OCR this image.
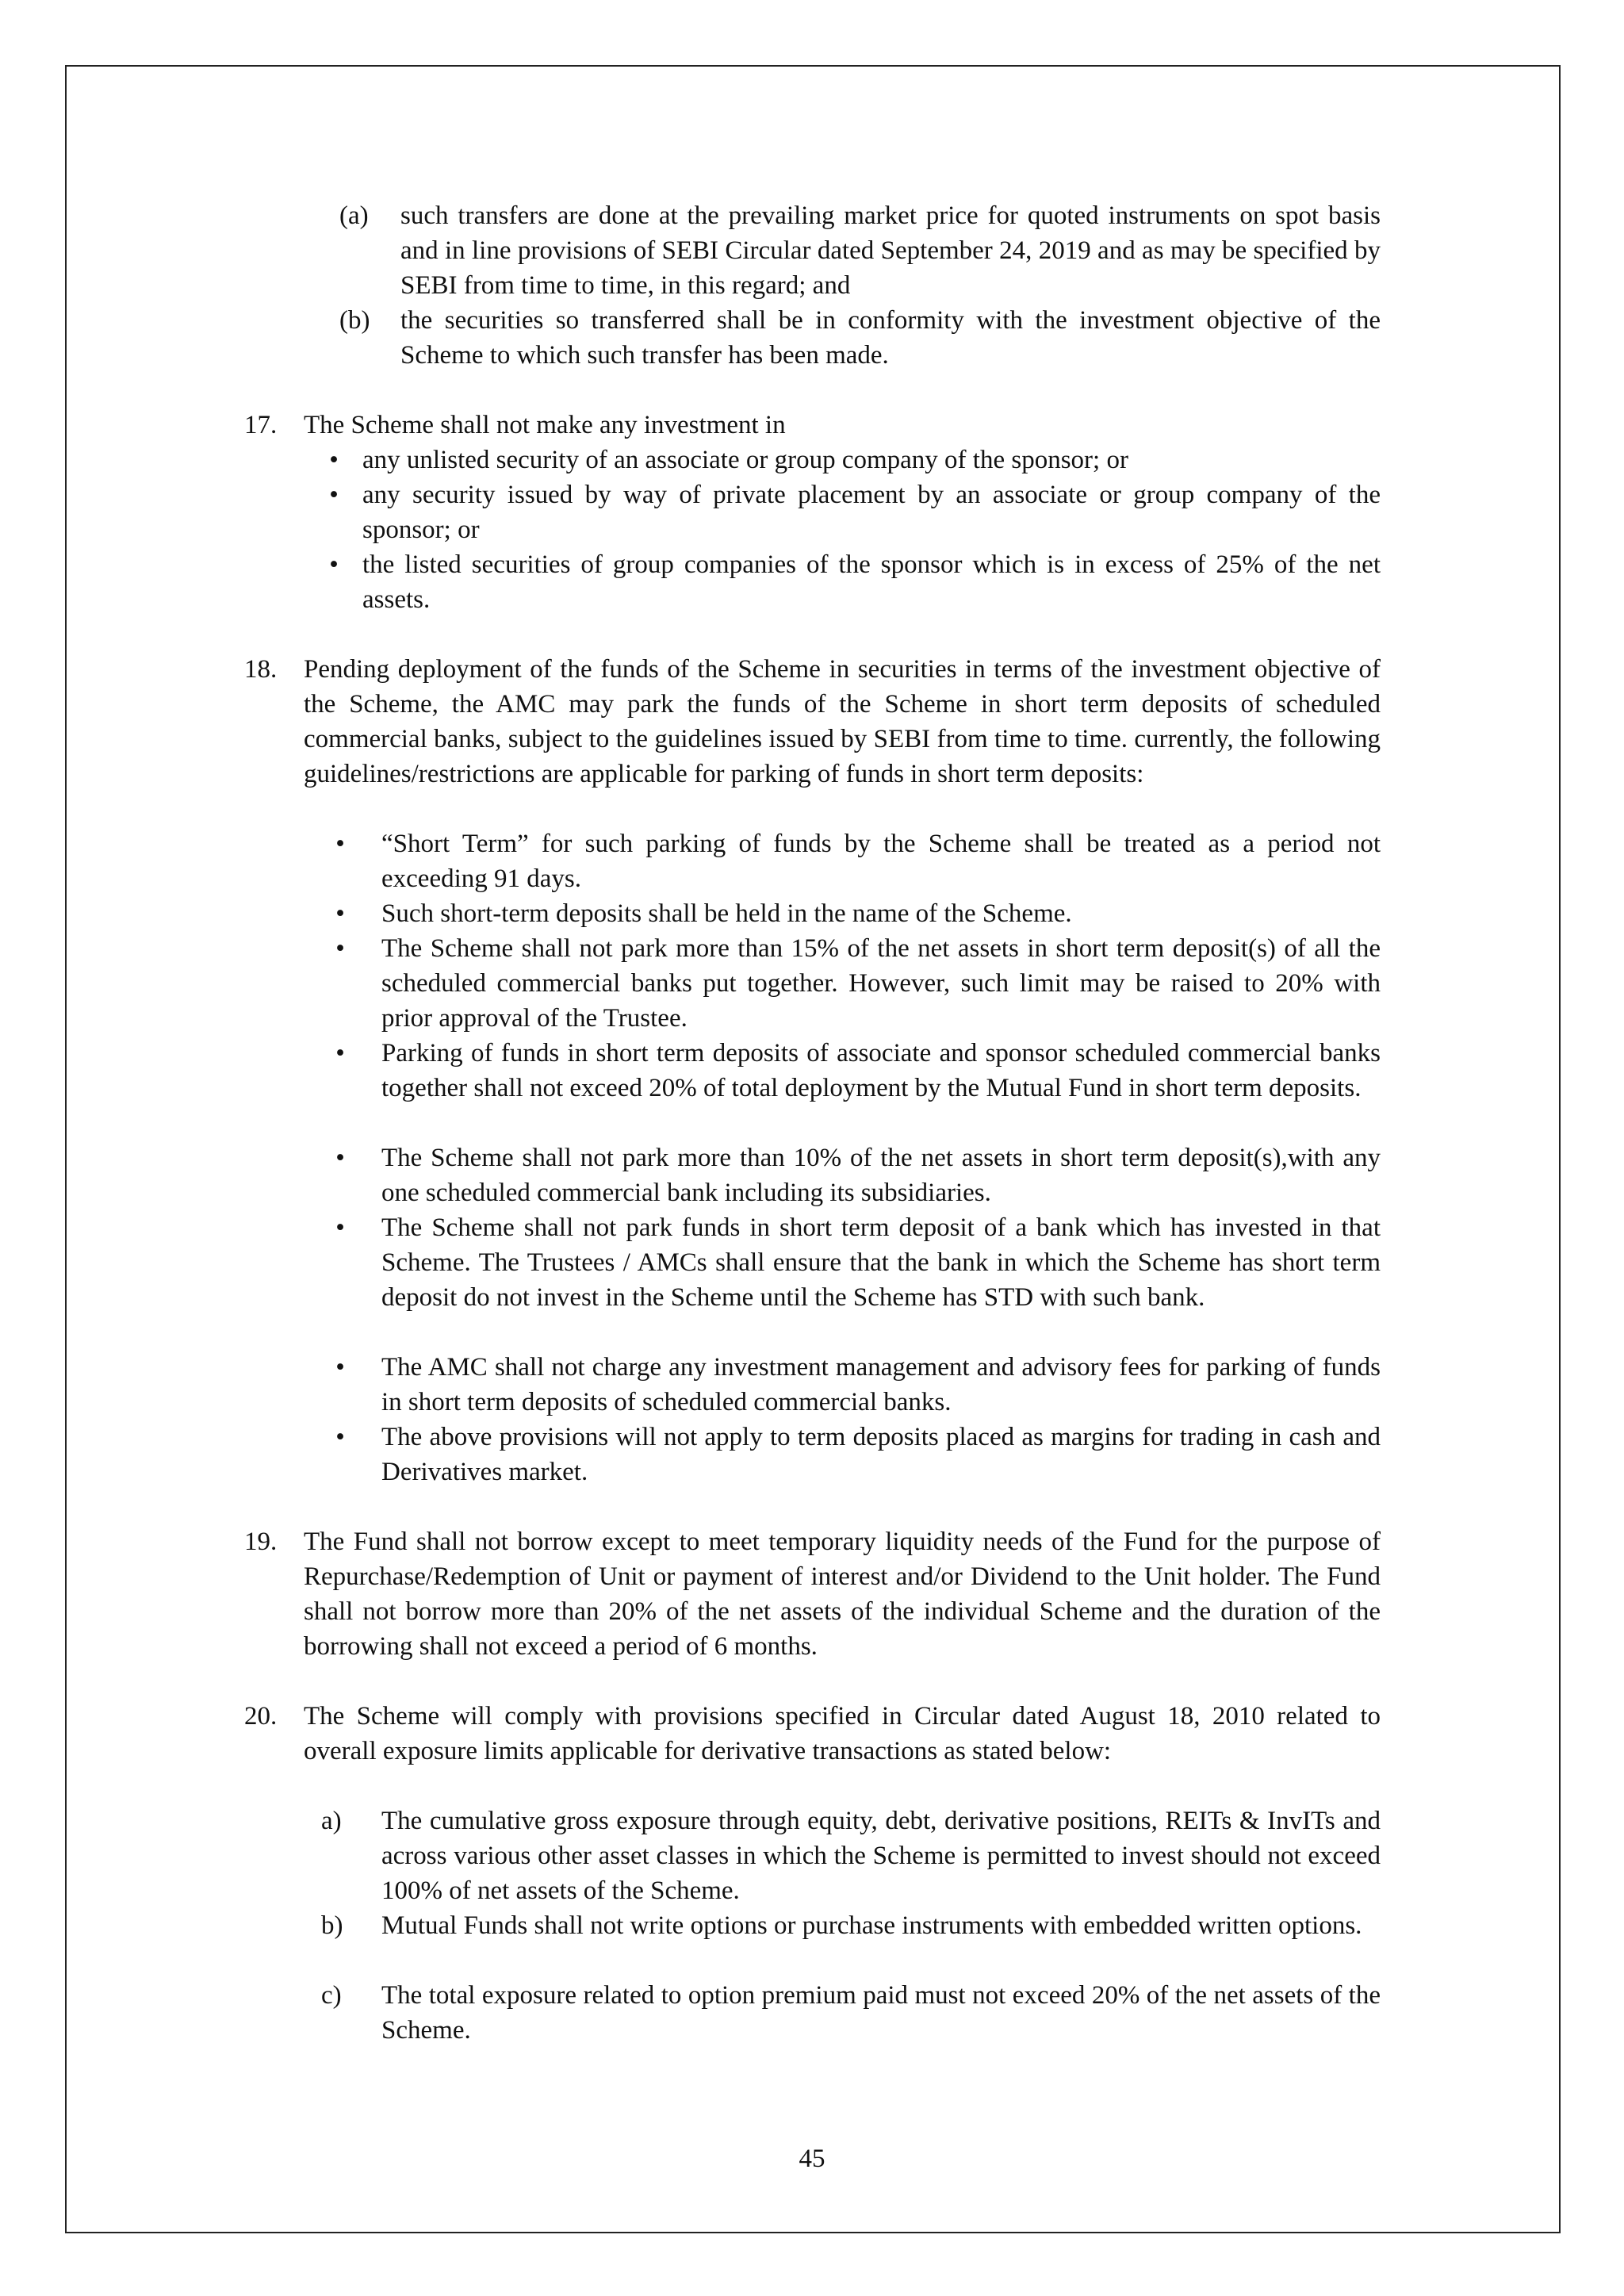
(a)	such transfers are done at the prevailing market price for quoted instruments on spot basis and in line provisions of SEBI Circular dated September 24, 2019 and as may be specified by SEBI from time to time, in this regard; and
(b)	the securities so transferred shall be in conformity with the investment objective of the Scheme to which such transfer has been made.
17.	The Scheme shall not make any investment in
• any unlisted security of an associate or group company of the sponsor; or
• any security issued by way of private placement by an associate or group company of the sponsor; or
• the listed securities of group companies of the sponsor which is in excess of 25% of the net assets.
18.	Pending deployment of the funds of the Scheme in securities in terms of the investment objective of the Scheme, the AMC may park the funds of the Scheme in short term deposits of scheduled commercial banks, subject to the guidelines issued by SEBI from time to time. currently, the following guidelines/restrictions are applicable for parking of funds in short term deposits:
• “Short Term” for such parking of funds by the Scheme shall be treated as a period not exceeding 91 days.
• Such short-term deposits shall be held in the name of the Scheme.
• The Scheme shall not park more than 15% of the net assets in short term deposit(s) of all the scheduled commercial banks put together. However, such limit may be raised to 20% with prior approval of the Trustee.
• Parking of funds in short term deposits of associate and sponsor scheduled commercial banks together shall not exceed 20% of total deployment by the Mutual Fund in short term deposits.
• The Scheme shall not park more than 10% of the net assets in short term deposit(s),with any one scheduled commercial bank including its subsidiaries.
• The Scheme shall not park funds in short term deposit of a bank which has invested in that Scheme. The Trustees / AMCs shall ensure that the bank in which the Scheme has short term deposit do not invest in the Scheme until the Scheme has STD with such bank.
• The AMC shall not charge any investment management and advisory fees for parking of funds in short term deposits of scheduled commercial banks.
• The above provisions will not apply to term deposits placed as margins for trading in cash and Derivatives market.
19.	The Fund shall not borrow except to meet temporary liquidity needs of the Fund for the purpose of Repurchase/Redemption of Unit or payment of interest and/or Dividend to the Unit holder. The Fund shall not borrow more than 20% of the net assets of the individual Scheme and the duration of the borrowing shall not exceed a period of 6 months.
20.	The Scheme will comply with provisions specified in Circular dated August 18, 2010 related to overall exposure limits applicable for derivative transactions as stated below:
a)	The cumulative gross exposure through equity, debt, derivative positions, REITs & InvITs and across various other asset classes in which the Scheme is permitted to invest should not exceed 100% of net assets of the Scheme.
b)	Mutual Funds shall not write options or purchase instruments with embedded written options.
c)	The total exposure related to option premium paid must not exceed 20% of the net assets of the Scheme.
45
